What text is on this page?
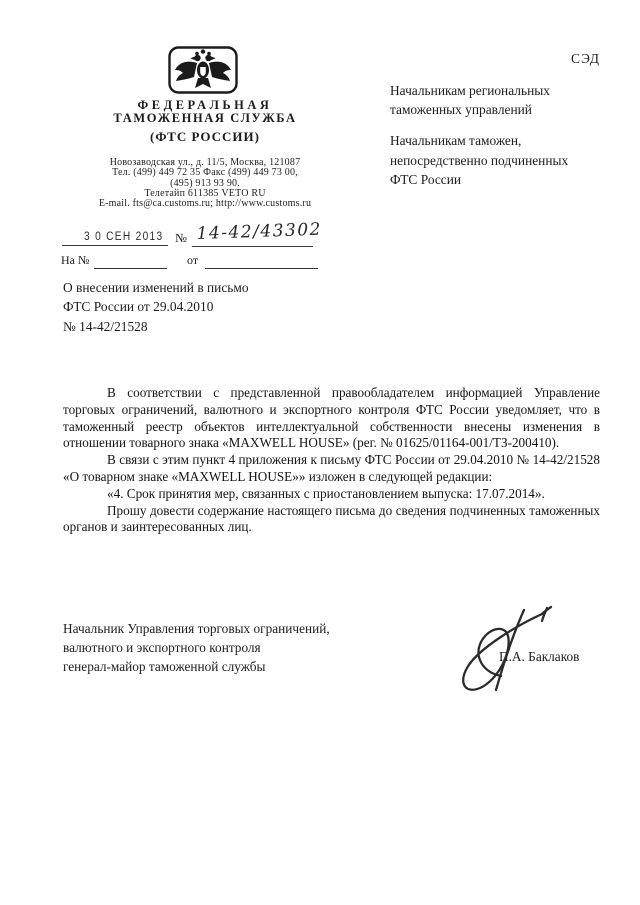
СЭД
ФЕДЕРАЛЬНАЯ
ТАМОЖЕННАЯ СЛУЖБА
(ФТС РОССИИ)
Новозаводская ул., д. 11/5, Москва, 121087
Тел. (499) 449 72 35 Факс (499) 449 73 00,
(495) 913 93 90.
Телетайп 611385 VETO RU
E-mail. fts@ca.customs.ru; http://www.customs.ru
Начальникам региональных
таможенных управлений
Начальникам таможен,
непосредственно подчиненных
ФТС России
3 0 СЕН 2013 № 14-42/43302
На №	от
О внесении изменений в письмо
ФТС России от 29.04.2010
№ 14-42/21528

В соответствии с представленной правообладателем информацией Управление торговых ограничений, валютного и экспортного контроля ФТС России уведомляет, что в таможенный реестр объектов интеллектуальной собственности внесены изменения в отношении товарного знака «MAXWELL HOUSE» (рег. № 01625/01164-001/ТЗ-200410).

В связи с этим пункт 4 приложения к письму ФТС России от 29.04.2010 № 14-42/21528 «О товарном знаке «MAXWELL HOUSE»» изложен в следующей редакции:

«4. Срок принятия мер, связанных с приостановлением выпуска: 17.07.2014».

Прошу довести содержание настоящего письма до сведения подчиненных таможенных органов и заинтересованных лиц.

Начальник Управления торговых ограничений,
валютного и экспортного контроля
генерал-майор таможенной службы
П.А. Баклаков
